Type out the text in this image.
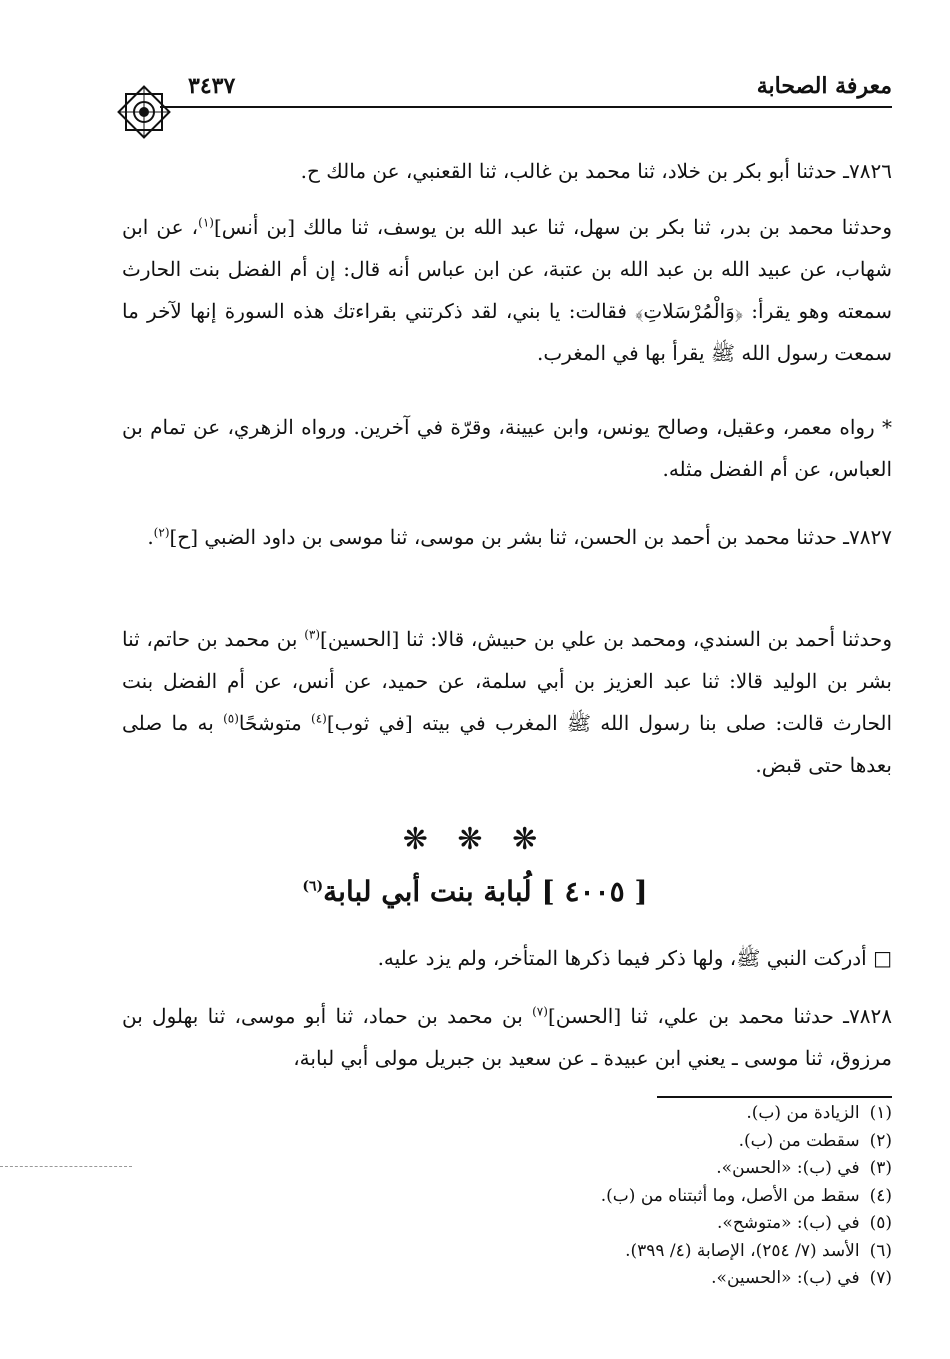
معرفة الصحابة
٣٤٣٧
٧٨٢٦ـ حدثنا أبو بكر بن خلاد، ثنا محمد بن غالب، ثنا القعنبي، عن مالك ح.
وحدثنا محمد بن بدر، ثنا بكر بن سهل، ثنا عبد الله بن يوسف، ثنا مالك [بن أنس]$^{(١)}$، عن ابن شهاب، عن عبيد الله بن عبد الله بن عتبة، عن ابن عباس أنه قال: إن أم الفضل بنت الحارث سمعته وهو يقرأ: ﴿وَالْمُرْسَلاتِ﴾ فقالت: يا بني، لقد ذكرتني بقراءتك هذه السورة إنها لآخر ما سمعت رسول الله ﷺ يقرأ بها في المغرب.
* رواه معمر، وعقيل، وصالح يونس، وابن عيينة، وقرّة في آخرين. ورواه الزهري، عن تمام بن العباس، عن أم الفضل مثله.
٧٨٢٧ـ حدثنا محمد بن أحمد بن الحسن، ثنا بشر بن موسى، ثنا موسى بن داود الضبي [ح]$^{(٢)}$.
وحدثنا أحمد بن السندي، ومحمد بن علي بن حبيش، قالا: ثنا [الحسين]$^{(٣)}$ بن محمد بن حاتم، ثنا بشر بن الوليد قالا: ثنا عبد العزيز بن أبي سلمة، عن حميد، عن أنس، عن أم الفضل بنت الحارث قالت: صلى بنا رسول الله ﷺ المغرب في بيته [في ثوب]$^{(٤)}$ متوشحًا$^{(٥)}$ به ما صلى بعدها حتى قبض.
❋ ❋ ❋
[ ٤٠٠٥ ] لُبابة بنت أبي لبابة$^{(٦)}$
□ أدركت النبي ﷺ، ولها ذكر فيما ذكرها المتأخر، ولم يزد عليه.
٧٨٢٨ـ حدثنا محمد بن علي، ثنا [الحسن]$^{(٧)}$ بن محمد بن حماد، ثنا أبو موسى، ثنا بهلول بن مرزوق، ثنا موسى ـ يعني ابن عبيدة ـ عن سعيد بن جبريل مولى أبي لبابة،
(١)الزيادة من (ب).
(٢)سقطت من (ب).
(٣)في (ب): «الحسن».
(٤)سقط من الأصل، وما أثبتناه من (ب).
(٥)في (ب): «متوشح».
(٦)الأسد (٧/ ٢٥٤)، الإصابة (٤/ ٣٩٩).
(٧)في (ب): «الحسين».
